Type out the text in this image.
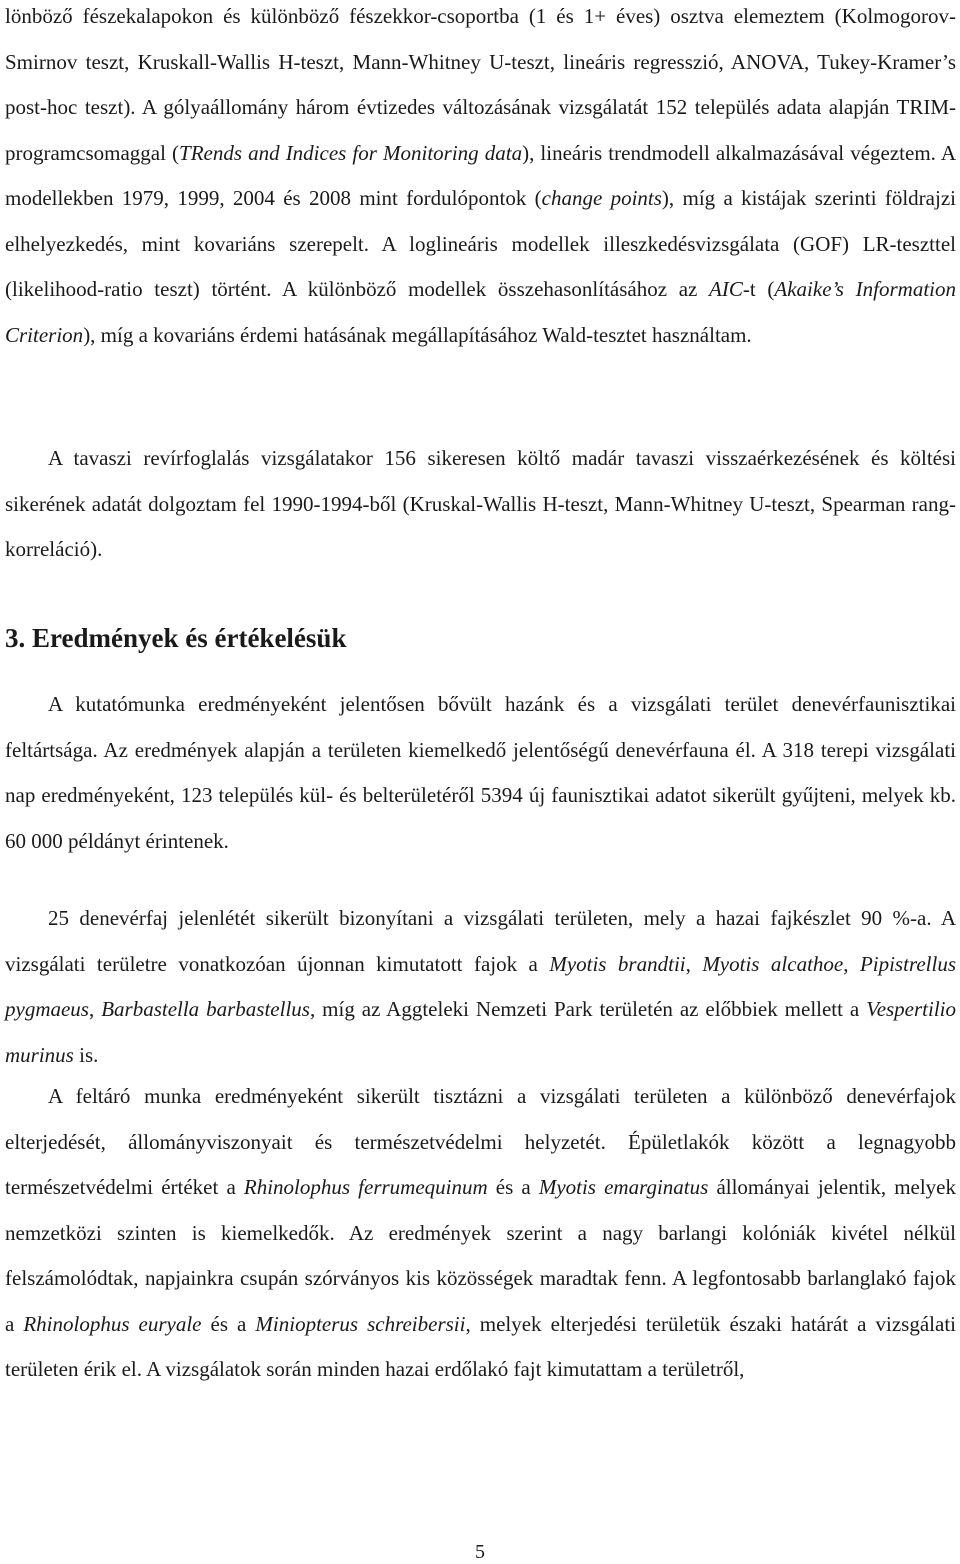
lönböző fészekalapokon és különböző fészekkor-csoportba (1 és 1+ éves) osztva elemeztem (Kolmogorov-Smirnov teszt, Kruskall-Wallis H-teszt, Mann-Whitney U-teszt, lineáris regresszió, ANOVA, Tukey-Kramer’s post-hoc teszt). A gólyaállomány három évtizedes változásának vizsgálatát 152 település adata alapján TRIM-programcsomaggal (TRends and Indices for Monitoring data), lineáris trendmodell alkalmazásával végeztem. A modellekben 1979, 1999, 2004 és 2008 mint fordulópontok (change points), míg a kistájak szerinti földrajzi elhelyezkedés, mint kovariáns szerepelt. A loglineáris modellek illeszkedésvizsgálata (GOF) LR-teszttel (likelihood-ratio teszt) történt. A különböző modellek összehasonlításához az AIC-t (Akaike’s Information Criterion), míg a kovariáns érdemi hatásának megállapításához Wald-tesztet használtam.

A tavaszi revírfoglalás vizsgálatakor 156 sikeresen költő madár tavaszi visszaérkezésének és költési sikerének adatát dolgoztam fel 1990-1994-ből (Kruskal-Wallis H-teszt, Mann-Whitney U-teszt, Spearman rang-korreláció).

3. Eredmények és értékelésük

A kutatómunka eredményeként jelentősen bővült hazánk és a vizsgálati terület denevérfaunisztikai feltártsága. Az eredmények alapján a területen kiemelkedő jelentőségű denevérfauna él. A 318 terepi vizsgálati nap eredményeként, 123 település kül- és belterületéről 5394 új faunisztikai adatot sikerült gyűjteni, melyek kb. 60 000 példányt érintenek.

25 denevérfaj jelenlétét sikerült bizonyítani a vizsgálati területen, mely a hazai fajkészlet 90 %-a. A vizsgálati területre vonatkozóan újonnan kimutatott fajok a Myotis brandtii, Myotis alcathoe, Pipistrellus pygmaeus, Barbastella barbastellus, míg az Aggteleki Nemzeti Park területén az előbbiek mellett a Vespertilio murinus is.

A feltáró munka eredményeként sikerült tisztázni a vizsgálati területen a különböző denevérfajok elterjedését, állományviszonyait és természetvédelmi helyzetét. Épületlakók között a legnagyobb természetvédelmi értéket a Rhinolophus ferrumequinum és a Myotis emarginatus állományai jelentik, melyek nemzetközi szinten is kiemelkedők. Az eredmények szerint a nagy barlangi kolóniák kivétel nélkül felszámolódtak, napjainkra csupán szórványos kis közösségek maradtak fenn. A legfontosabb barlanglakó fajok a Rhinolophus euryale és a Miniopterus schreibersii, melyek elterjedési területük északi határát a vizsgálati területen érik el. A vizsgálatok során minden hazai erdőlakó fajt kimutattam a területről,

5
